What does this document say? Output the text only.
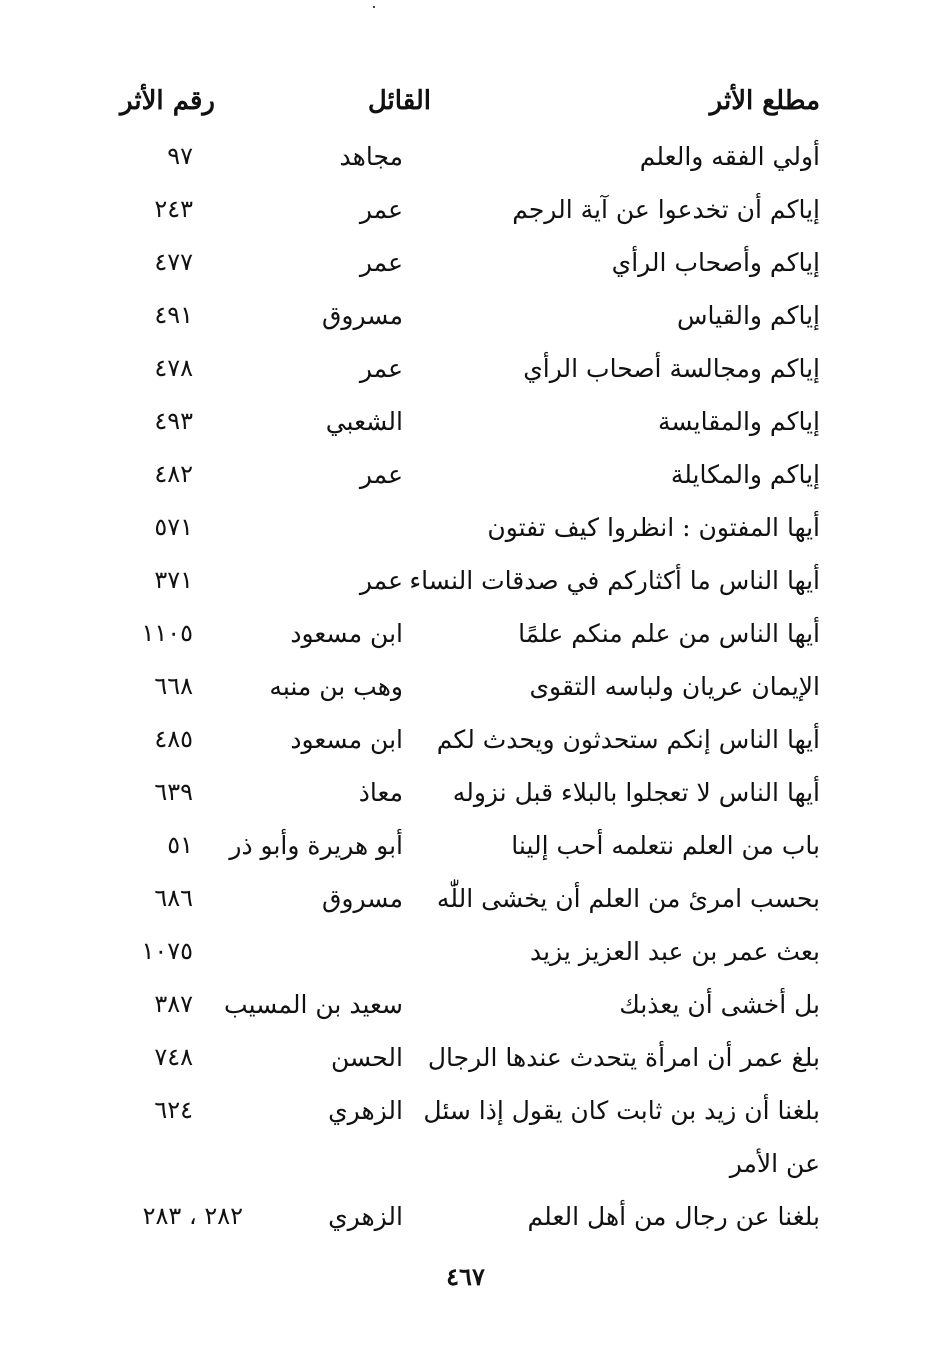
مطلع الأثر
القائل
رقم الأثر
أولي الفقه والعلم
مجاهد
٩٧
إياكم أن تخدعوا عن آية الرجم
عمر
٢٤٣
إياكم وأصحاب الرأي
عمر
٤٧٧
إياكم والقياس
مسروق
٤٩١
إياكم ومجالسة أصحاب الرأي
عمر
٤٧٨
إياكم والمقايسة
الشعبي
٤٩٣
إياكم والمكايلة
عمر
٤٨٢
أيها المفتون : انظروا كيف تفتون
٥٧١
أيها الناس ما أكثاركم في صدقات النساء
عمر
٣٧١
أيها الناس من علم منكم علمًا
ابن مسعود
١١٠٥
الإيمان عريان ولباسه التقوى
وهب بن منبه
٦٦٨
أيها الناس إنكم ستحدثون ويحدث لكم
ابن مسعود
٤٨٥
أيها الناس لا تعجلوا بالبلاء قبل نزوله
معاذ
٦٣٩
باب من العلم نتعلمه أحب إلينا
أبو هريرة وأبو ذر
٥١
بحسب امرئ من العلم أن يخشى اللّٰه
مسروق
٦٨٦
بعث عمر بن عبد العزيز يزيد
١٠٧٥
بل أخشى أن يعذبك
سعيد بن المسيب
٣٨٧
بلغ عمر أن امرأة يتحدث عندها الرجال
الحسن
٧٤٨
بلغنا أن زيد بن ثابت كان يقول إذا سئل
الزهري
٦٢٤
عن الأمر
بلغنا عن رجال من أهل العلم
الزهري
٢٨٢ ، ٢٨٣
٤٦٧
